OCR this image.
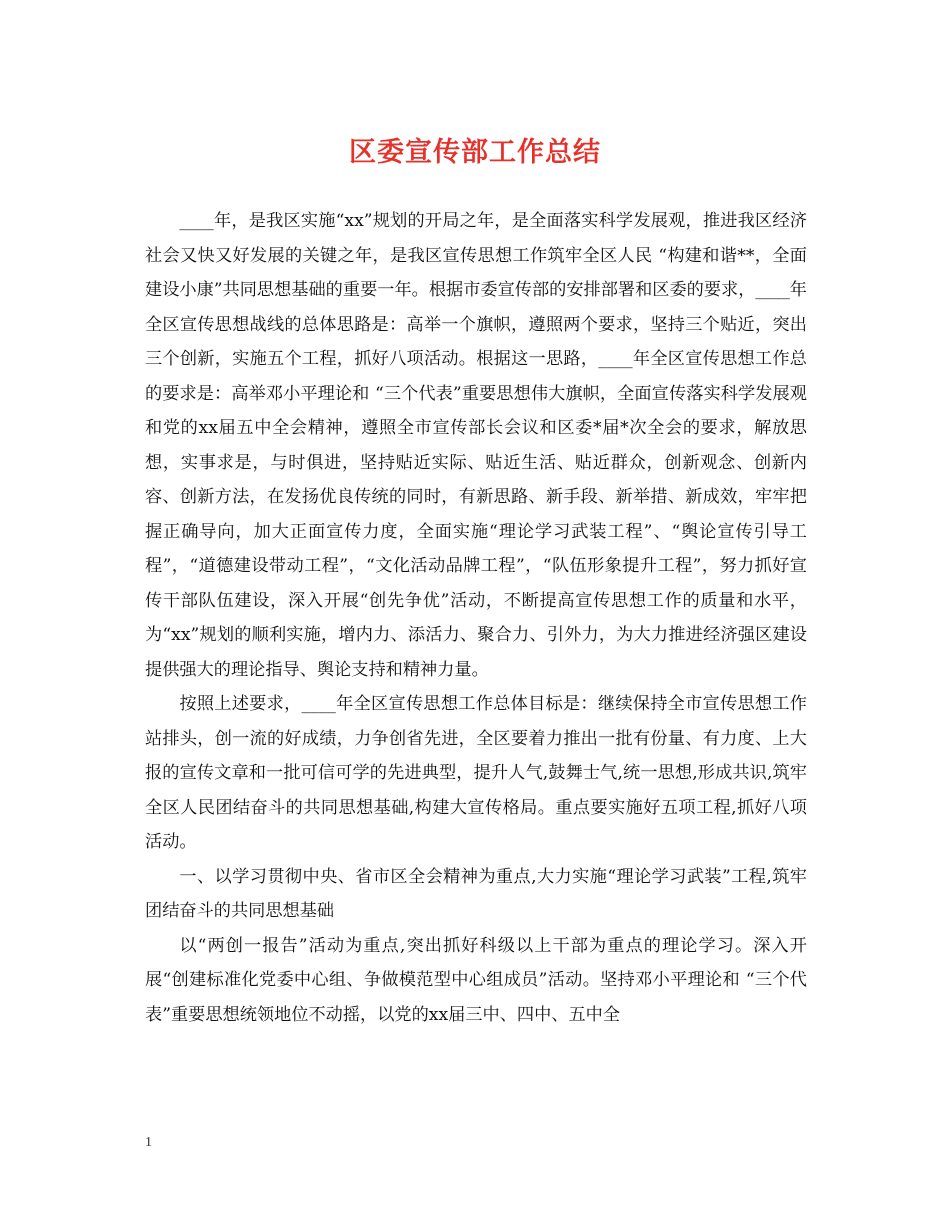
区委宣传部工作总结

____年，是我区实施“xx”规划的开局之年，是全面落实科学发展观，推进我区经济社会又快又好发展的关键之年，是我区宣传思想工作筑牢全区人民 “构建和谐**，全面建设小康”共同思想基础的重要一年。根据市委宣传部的安排部署和区委的要求，____年全区宣传思想战线的总体思路是：高举一个旗帜，遵照两个要求，坚持三个贴近，突出三个创新，实施五个工程，抓好八项活动。根据这一思路，____年全区宣传思想工作总的要求是：高举邓小平理论和 “三个代表”重要思想伟大旗帜，全面宣传落实科学发展观和党的xx届五中全会精神，遵照全市宣传部长会议和区委*届*次全会的要求，解放思想，实事求是，与时俱进，坚持贴近实际、贴近生活、贴近群众，创新观念、创新内容、创新方法，在发扬优良传统的同时，有新思路、新手段、新举措、新成效，牢牢把握正确导向，加大正面宣传力度，全面实施“理论学习武装工程”、“舆论宣传引导工程”，“道德建设带动工程”，“文化活动品牌工程”，“队伍形象提升工程”，努力抓好宣传干部队伍建设，深入开展“创先争优”活动，不断提高宣传思想工作的质量和水平，为“xx”规划的顺利实施，增内力、添活力、聚合力、引外力，为大力推进经济强区建设提供强大的理论指导、舆论支持和精神力量。

按照上述要求，____年全区宣传思想工作总体目标是：继续保持全市宣传思想工作站排头，创一流的好成绩，力争创省先进，全区要着力推出一批有份量、有力度、上大报的宣传文章和一批可信可学的先进典型，提升人气,鼓舞士气,统一思想,形成共识,筑牢全区人民团结奋斗的共同思想基础,构建大宣传格局。重点要实施好五项工程,抓好八项活动。

一、以学习贯彻中央、省市区全会精神为重点,大力实施“理论学习武装”工程,筑牢团结奋斗的共同思想基础

以“两创一报告”活动为重点,突出抓好科级以上干部为重点的理论学习。深入开展“创建标准化党委中心组、争做模范型中心组成员”活动。坚持邓小平理论和 “三个代表”重要思想统领地位不动摇，以党的xx届三中、四中、五中全

1
